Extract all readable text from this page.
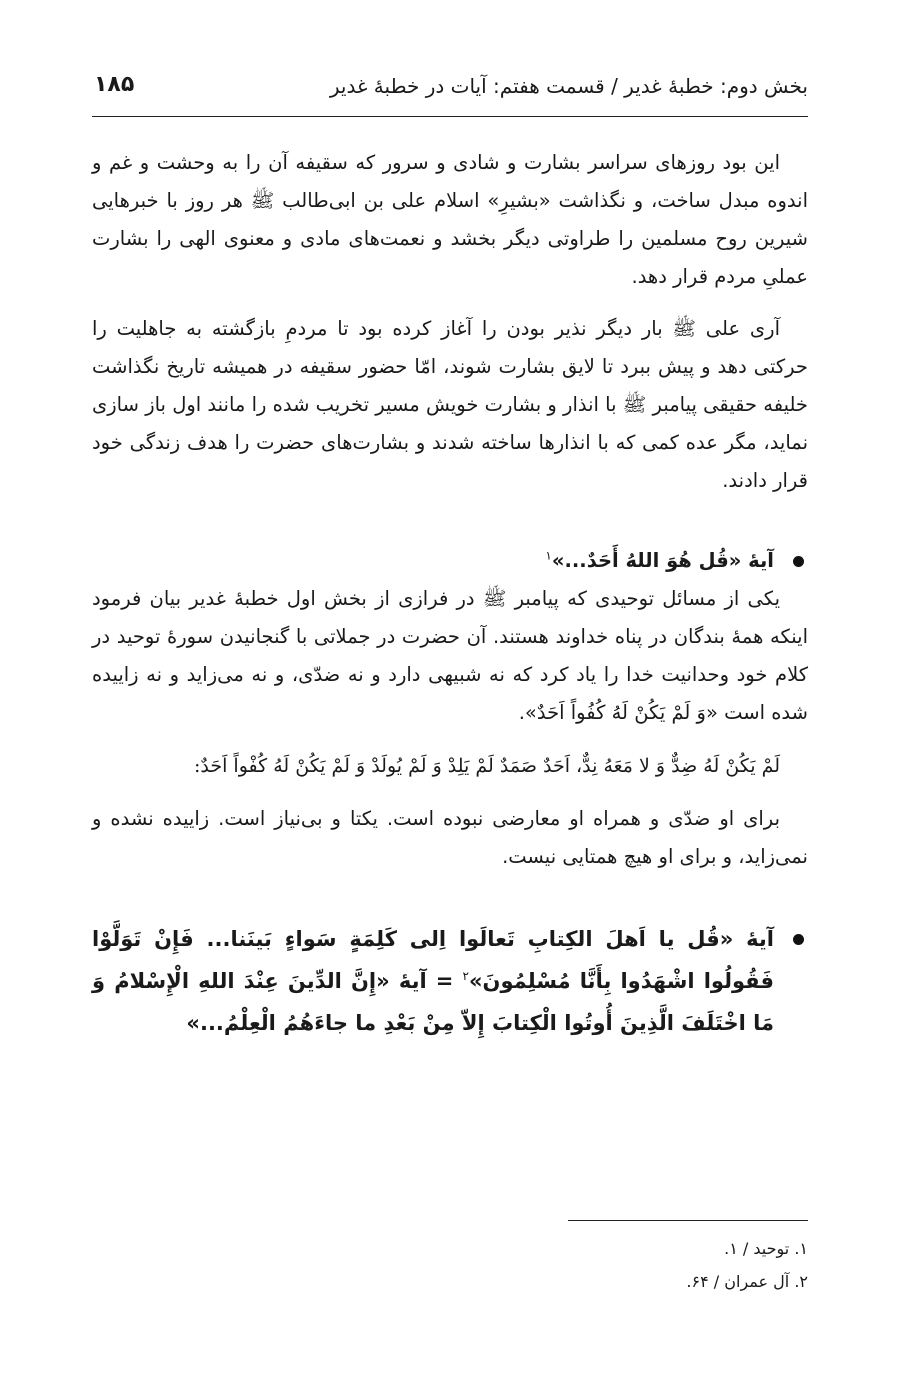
بخش دوم: خطبهٔ غدیر / قسمت هفتم: آیات در خطبهٔ غدیر
۱۸۵

این بود روزهای سراسر بشارت و شادی و سرور که سقیفه آن را به وحشت و غم و اندوه مبدل ساخت، و نگذاشت «بشیرِ» اسلام علی بن ابی‌طالب ﷺ هر روز با خبرهایی شیرین روح مسلمین را طراوتی دیگر بخشد و نعمت‌های مادی و معنوی الهی را بشارت عملیِ مردم قرار دهد.

آری علی ﷺ بار دیگر نذیر بودن را آغاز کرده بود تا مردمِ بازگشته به جاهلیت را حرکتی دهد و پیش ببرد تا لایق بشارت شوند، امّا حضور سقیفه در همیشه تاریخ نگذاشت خلیفه حقیقی پیامبر ﷺ با انذار و بشارت خویش مسیر تخریب شده را مانند اول باز سازی نماید، مگر عده کمی که با انذارها ساخته شدند و بشارت‌های حضرت را هدف زندگی خود قرار دادند.

آیهٔ «قُل هُوَ اللهُ أَحَدٌ...»$^۱$

یکی از مسائل توحیدی که پیامبر ﷺ در فرازی از بخش اول خطبهٔ غدیر بیان فرمود اینکه همهٔ بندگان در پناه خداوند هستند. آن حضرت در جملاتی با گنجانیدن سورهٔ توحید در کلام خود وحدانیت خدا را یاد کرد که نه شبیهی دارد و نه ضدّی، و نه می‌زاید و نه زاییده شده است «وَ لَمْ یَکُنْ لَهُ کُفُواً اَحَدٌ».

لَمْ یَکُنْ لَهُ ضِدٌّ وَ لا مَعَهُ نِدٌّ، اَحَدٌ صَمَدٌ لَمْ یَلِدْ وَ لَمْ یُولَدْ وَ لَمْ یَکُنْ لَهُ کُفْواً اَحَدٌ:

برای او ضدّی و همراه او معارضی نبوده است. یکتا و بی‌نیاز است. زاییده نشده و نمی‌زاید، و برای او هیچ همتایی نیست.

آیهٔ «قُل یا اَهلَ الکِتابِ تَعالَوا اِلی کَلِمَةٍ سَواءٍ بَینَنا... فَإِنْ تَوَلَّوْا فَقُولُوا اشْهَدُوا بِأَنَّا مُسْلِمُونَ»$^۲$ = آیهٔ «إِنَّ الدِّینَ عِنْدَ اللهِ الْإِسْلامُ وَ مَا اخْتَلَفَ الَّذِینَ أُوتُوا الْکِتابَ إِلاّ مِنْ بَعْدِ ما جاءَهُمُ الْعِلْمُ...»

۱. توحید / ۱.

۲. آل عمران / ۶۴.
